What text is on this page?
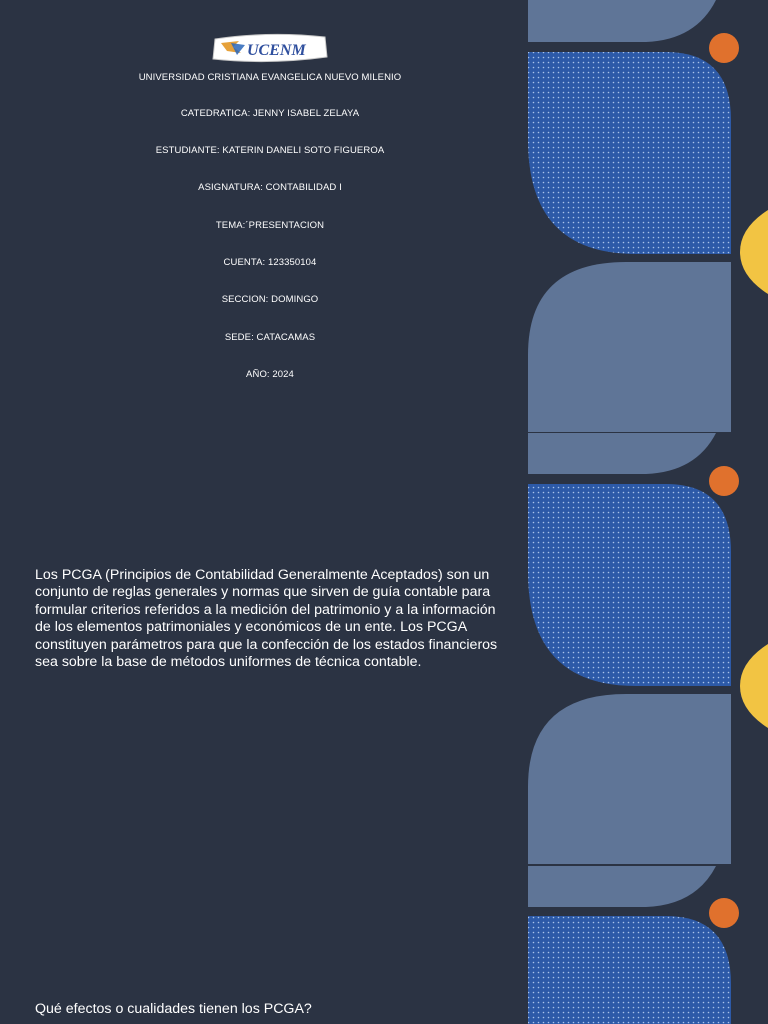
UCENM
UNIVERSIDAD CRISTIANA EVANGELICA NUEVO MILENIO
CATEDRATICA: JENNY ISABEL ZELAYA
ESTUDIANTE: KATERIN DANELI SOTO FIGUEROA
ASIGNATURA: CONTABILIDAD I
TEMA:´PRESENTACION
CUENTA: 123350104
SECCION: DOMINGO
SEDE: CATACAMAS
AÑO: 2024
Los PCGA (Principios de Contabilidad Generalmente Aceptados) son un conjunto de reglas generales y normas que sirven de guía contable para formular criterios referidos a la medición del patrimonio y a la información de los elementos patrimoniales y económicos de un ente. Los PCGA constituyen parámetros para que la confección de los estados financieros sea sobre la base de métodos uniformes de técnica contable.
Qué efectos o cualidades tienen los PCGA?
